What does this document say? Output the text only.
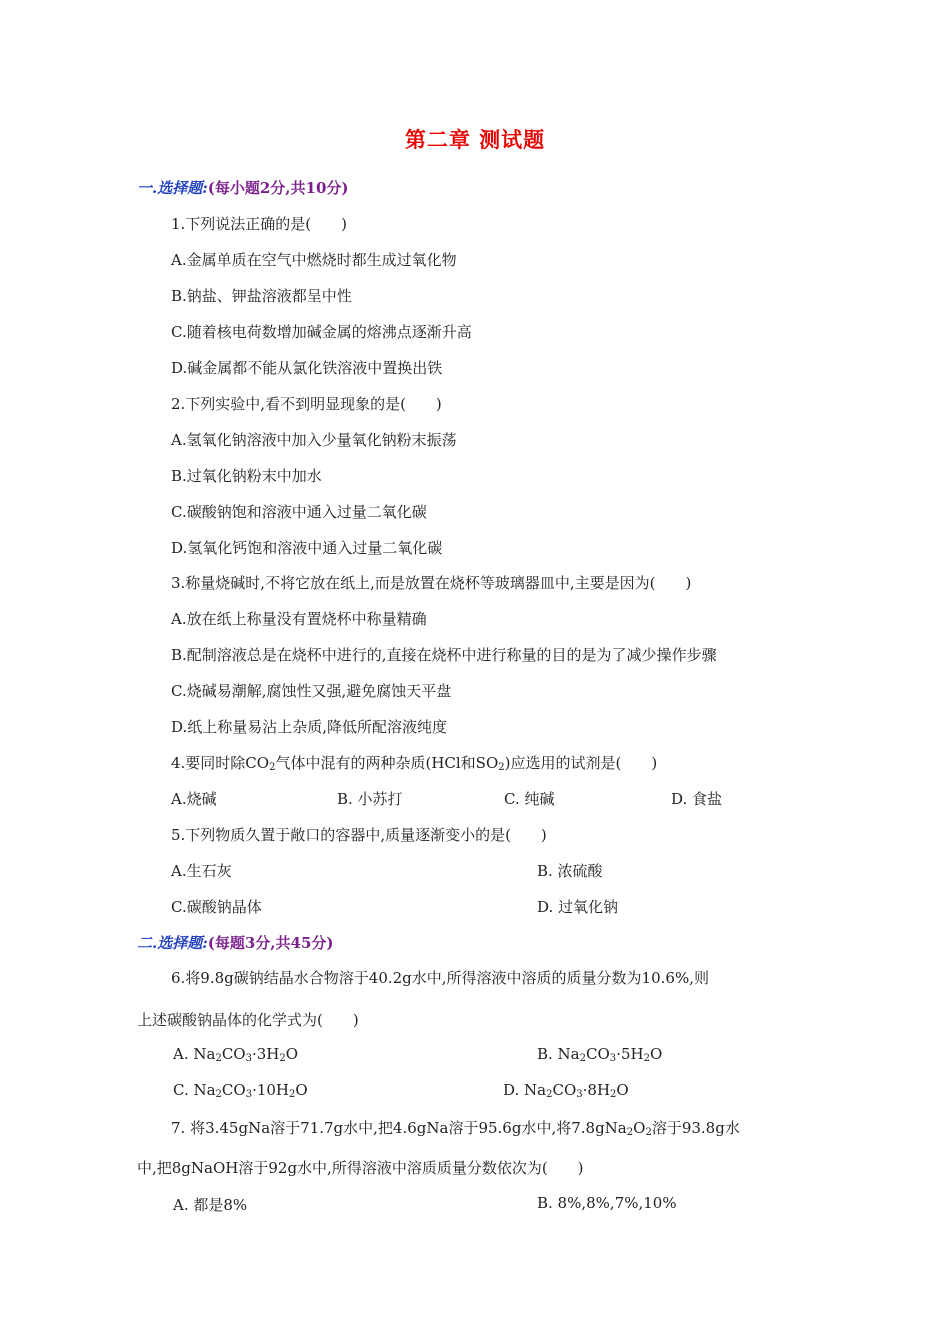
第二章 测试题
一.选择题:(每小题2分,共10分)
1.下列说法正确的是(　　)
A.金属单质在空气中燃烧时都生成过氧化物
B.钠盐、钾盐溶液都呈中性
C.随着核电荷数增加碱金属的熔沸点逐渐升高
D.碱金属都不能从氯化铁溶液中置换出铁
2.下列实验中,看不到明显现象的是(　　)
A.氢氧化钠溶液中加入少量氧化钠粉末振荡
B.过氧化钠粉末中加水
C.碳酸钠饱和溶液中通入过量二氧化碳
D.氢氧化钙饱和溶液中通入过量二氧化碳
3.称量烧碱时,不将它放在纸上,而是放置在烧杯等玻璃器皿中,主要是因为(　　)
A.放在纸上称量没有置烧杯中称量精确
B.配制溶液总是在烧杯中进行的,直接在烧杯中进行称量的目的是为了减少操作步骤
C.烧碱易潮解,腐蚀性又强,避免腐蚀天平盘
D.纸上称量易沾上杂质,降低所配溶液纯度
4.要同时除$CO_2$气体中混有的两种杂质(HCl和$SO_2$)应选用的试剂是(　　)
A.烧碱	B. 小苏打	C. 纯碱	D. 食盐
5.下列物质久置于敞口的容器中,质量逐渐变小的是(　　)
A.生石灰	B. 浓硫酸
C.碳酸钠晶体	D. 过氧化钠
二.选择题:(每题3分,共45分)
6.将9.8g碳钠结晶水合物溶于40.2g水中,所得溶液中溶质的质量分数为10.6%,则
上述碳酸钠晶体的化学式为(　　)
A. $Na_2CO_3\cdot 3H_2O$	B. $Na_2CO_3\cdot 5H_2O$
C. $Na_2CO_3\cdot 10H_2O$	D. $Na_2CO_3\cdot 8H_2O$
7. 将3.45gNa溶于71.7g水中,把4.6gNa溶于95.6g水中,将$7.8gNa_2O_2$溶于93.8g水
中,把8gNaOH溶于92g水中,所得溶液中溶质质量分数依次为(　　)
A. 都是8%	B. 8%,8%,7%,10%
